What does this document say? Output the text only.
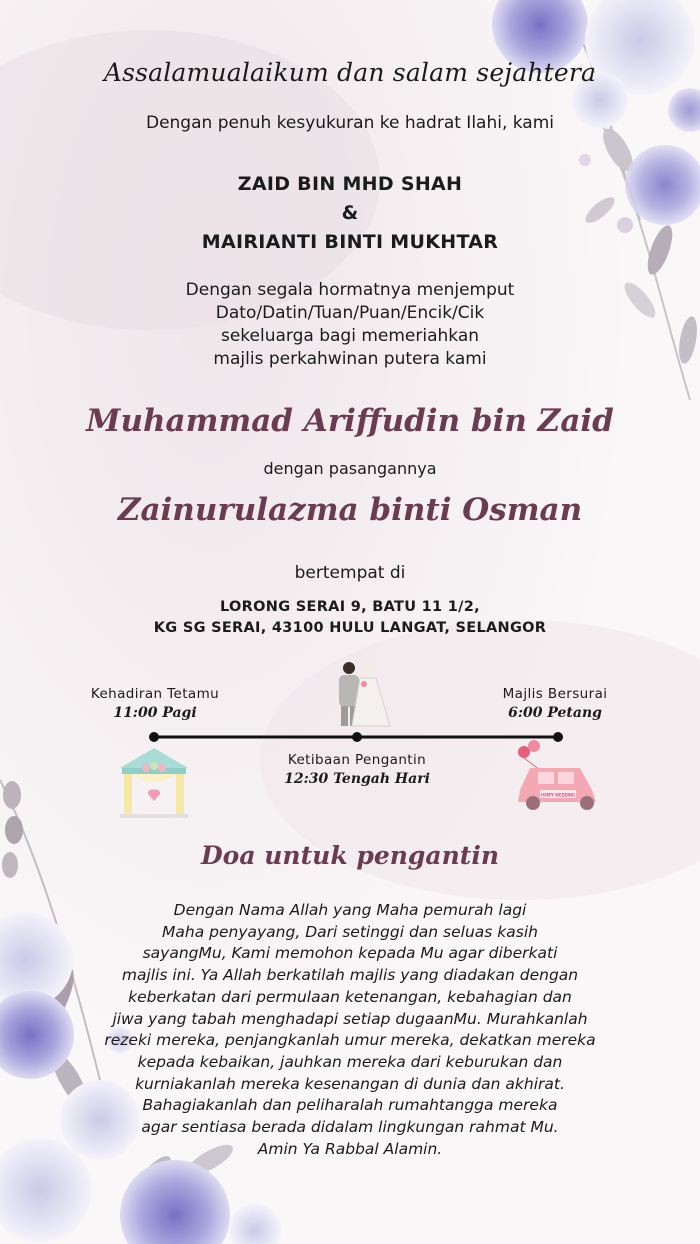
Assalamualaikum dan salam sejahtera
Dengan penuh kesyukuran ke hadrat Ilahi, kami
ZAID BIN MHD SHAH
&
MAIRIANTI BINTI MUKHTAR
Dengan segala hormatnya menjemput
Dato/Datin/Tuan/Puan/Encik/Cik
sekeluarga bagi memeriahkan
majlis perkahwinan putera kami
Muhammad Ariffudin bin Zaid
dengan pasangannya
Zainurulazma binti Osman
bertempat di
LORONG SERAI 9, BATU 11 1/2,
KG SG SERAI, 43100 HULU LANGAT, SELANGOR
HAPPY WEDDING
Kehadiran Tetamu
11:00 Pagi
Ketibaan Pengantin
12:30 Tengah Hari
Majlis Bersurai
6:00 Petang
Doa untuk pengantin
Dengan Nama Allah yang Maha pemurah lagi
Maha penyayang, Dari setinggi dan seluas kasih
sayangMu, Kami memohon kepada Mu agar diberkati
majlis ini. Ya Allah berkatilah majlis yang diadakan dengan
keberkatan dari permulaan ketenangan, kebahagian dan
jiwa yang tabah menghadapi setiap dugaanMu. Murahkanlah
rezeki mereka, penjangkanlah umur mereka, dekatkan mereka
kepada kebaikan, jauhkan mereka dari keburukan dan
kurniakanlah mereka kesenangan di dunia dan akhirat.
Bahagiakanlah dan peliharalah rumahtangga mereka
agar sentiasa berada didalam lingkungan rahmat Mu.
Amin Ya Rabbal Alamin.
